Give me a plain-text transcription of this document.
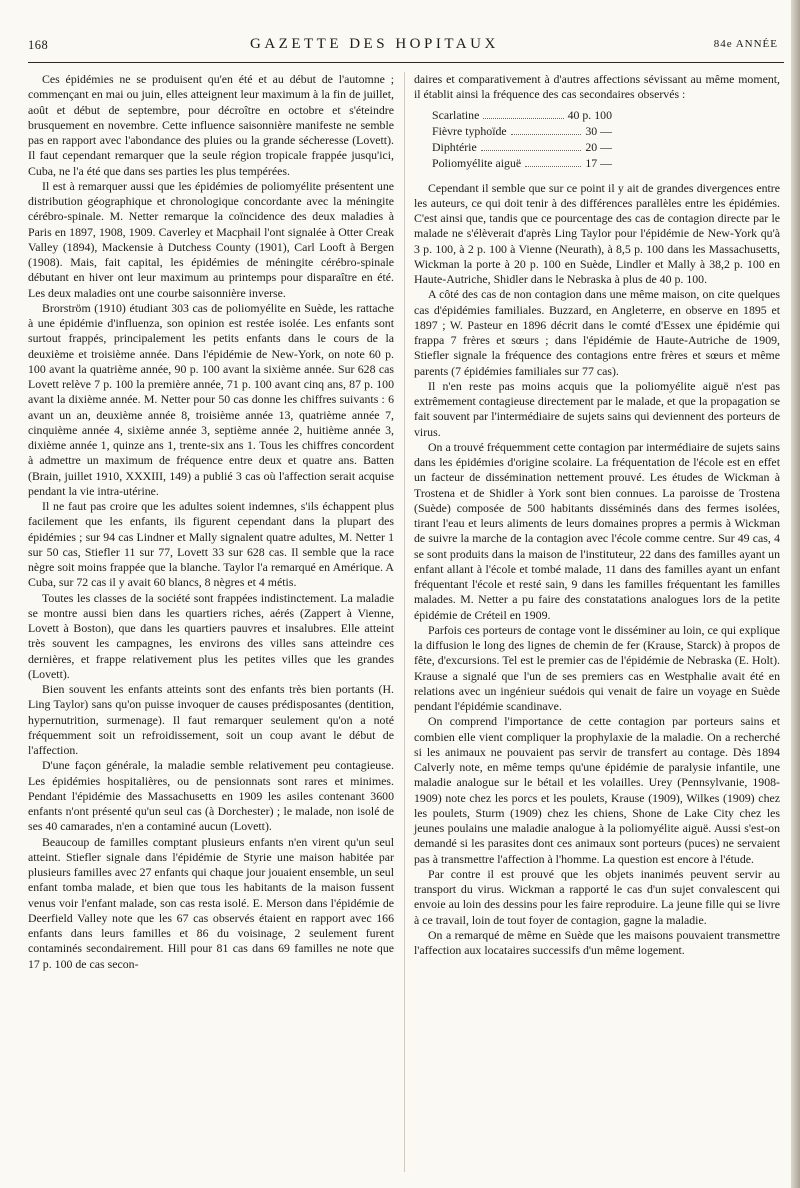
168	GAZETTE DES HOPITAUX	84e ANNÉE

Ces épidémies ne se produisent qu'en été et au début de l'automne ; commençant en mai ou juin, elles atteignent leur maximum à la fin de juillet, août et début de septembre, pour décroître en octobre et s'éteindre brusquement en novembre. Cette influence saisonnière manifeste ne semble pas en rapport avec l'abondance des pluies ou la grande sécheresse (Lovett). Il faut cependant remarquer que la seule région tropicale frappée jusqu'ici, Cuba, ne l'a été que dans ses parties les plus tempérées.

Il est à remarquer aussi que les épidémies de poliomyélite présentent une distribution géographique et chronologique concordante avec la méningite cérébro-spinale. M. Netter remarque la coïncidence des deux maladies à Paris en 1897, 1908, 1909. Caverley et Macphail l'ont signalée à Otter Creak Valley (1894), Mackensie à Dutchess County (1901), Carl Looft à Bergen (1908). Mais, fait capital, les épidémies de méningite cérébro-spinale débutant en hiver ont leur maximum au printemps pour disparaître en été. Les deux maladies ont une courbe saisonnière inverse.

Brorström (1910) étudiant 303 cas de poliomyélite en Suède, les rattache à une épidémie d'influenza, son opinion est restée isolée. Les enfants sont surtout frappés, principalement les petits enfants dans le cours de la deuxième et troisième année. Dans l'épidémie de New-York, on note 60 p. 100 avant la quatrième année, 90 p. 100 avant la sixième année. Sur 628 cas Lovett relève 7 p. 100 la première année, 71 p. 100 avant cinq ans, 87 p. 100 avant la dixième année. M. Netter pour 50 cas donne les chiffres suivants : 6 avant un an, deuxième année 8, troisième année 13, quatrième année 7, cinquième année 4, sixième année 3, septième année 2, huitième année 3, dixième année 1, quinze ans 1, trente-six ans 1. Tous les chiffres concordent à admettre un maximum de fréquence entre deux et quatre ans. Batten (Brain, juillet 1910, XXXIII, 149) a publié 3 cas où l'affection serait acquise pendant la vie intra-utérine.

Il ne faut pas croire que les adultes soient indemnes, s'ils échappent plus facilement que les enfants, ils figurent cependant dans la plupart des épidémies ; sur 94 cas Lindner et Mally signalent quatre adultes, M. Netter 1 sur 50 cas, Stiefler 11 sur 77, Lovett 33 sur 628 cas. Il semble que la race nègre soit moins frappée que la blanche. Taylor l'a remarqué en Amérique. A Cuba, sur 72 cas il y avait 60 blancs, 8 nègres et 4 métis.

Toutes les classes de la société sont frappées indistinctement. La maladie se montre aussi bien dans les quartiers riches, aérés (Zappert à Vienne, Lovett à Boston), que dans les quartiers pauvres et insalubres. Elle atteint très souvent les campagnes, les environs des villes sans atteindre ces dernières, et frappe relativement plus les petites villes que les grandes (Lovett).

Bien souvent les enfants atteints sont des enfants très bien portants (H. Ling Taylor) sans qu'on puisse invoquer de causes prédisposantes (dentition, hypernutrition, surmenage). Il faut remarquer seulement qu'on a noté fréquemment soit un refroidissement, soit un coup avant le début de l'affection.

D'une façon générale, la maladie semble relativement peu contagieuse. Les épidémies hospitalières, ou de pensionnats sont rares et minimes. Pendant l'épidémie des Massachusetts en 1909 les asiles contenant 3600 enfants n'ont présenté qu'un seul cas (à Dorchester) ; le malade, non isolé de ses 40 camarades, n'en a contaminé aucun (Lovett).

Beaucoup de familles comptant plusieurs enfants n'en virent qu'un seul atteint. Stiefler signale dans l'épidémie de Styrie une maison habitée par plusieurs familles avec 27 enfants qui chaque jour jouaient ensemble, un seul enfant tomba malade, et bien que tous les habitants de la maison fussent venus voir l'enfant malade, son cas resta isolé. E. Merson dans l'épidémie de Deerfield Valley note que les 67 cas observés étaient en rapport avec 166 enfants dans leurs familles et 86 du voisinage, 2 seulement furent contaminés secondairement. Hill pour 81 cas dans 69 familles ne note que 17 p. 100 de cas secon-

daires et comparativement à d'autres affections sévissant au même moment, il établit ainsi la fréquence des cas secondaires observés :

Scarlatine	40 p. 100
Fièvre typhoïde	30 —
Diphtérie	20 —
Poliomyélite aiguë	17 —

Cependant il semble que sur ce point il y ait de grandes divergences entre les auteurs, ce qui doit tenir à des différences parallèles entre les épidémies. C'est ainsi que, tandis que ce pourcentage des cas de contagion directe par le malade ne s'élèverait d'après Ling Taylor pour l'épidémie de New-York qu'à 3 p. 100, à 2 p. 100 à Vienne (Neurath), à 8,5 p. 100 dans les Massachusetts, Wickman la porte à 20 p. 100 en Suède, Lindler et Mally à 38,2 p. 100 en Haute-Autriche, Shidler dans le Nebraska à plus de 40 p. 100.

A côté des cas de non contagion dans une même maison, on cite quelques cas d'épidémies familiales. Buzzard, en Angleterre, en observe en 1895 et 1897 ; W. Pasteur en 1896 décrit dans le comté d'Essex une épidémie qui frappa 7 frères et sœurs ; dans l'épidémie de Haute-Autriche de 1909, Stiefler signale la fréquence des contagions entre frères et sœurs et même parents (7 épidémies familiales sur 77 cas).

Il n'en reste pas moins acquis que la poliomyélite aiguë n'est pas extrêmement contagieuse directement par le malade, et que la propagation se fait souvent par l'intermédiaire de sujets sains qui deviennent des porteurs de virus.

On a trouvé fréquemment cette contagion par intermédiaire de sujets sains dans les épidémies d'origine scolaire. La fréquentation de l'école est en effet un facteur de dissémination nettement prouvé. Les études de Wickman à Trostena et de Shidler à York sont bien connues. La paroisse de Trostena (Suède) composée de 500 habitants disséminés dans des fermes isolées, tirant l'eau et leurs aliments de leurs domaines propres a permis à Wickman de suivre la marche de la contagion avec l'école comme centre. Sur 49 cas, 4 se sont produits dans la maison de l'instituteur, 22 dans des familles ayant un enfant allant à l'école et tombé malade, 11 dans des familles ayant un enfant fréquentant l'école et resté sain, 9 dans les familles fréquentant les familles malades. M. Netter a pu faire des constatations analogues lors de la petite épidémie de Créteil en 1909.

Parfois ces porteurs de contage vont le disséminer au loin, ce qui explique la diffusion le long des lignes de chemin de fer (Krause, Starck) à propos de fête, d'excursions. Tel est le premier cas de l'épidémie de Nebraska (E. Holt). Krause a signalé que l'un de ses premiers cas en Westphalie avait été en relations avec un ingénieur suédois qui venait de faire un voyage en Suède pendant l'épidémie scandinave.

On comprend l'importance de cette contagion par porteurs sains et combien elle vient compliquer la prophylaxie de la maladie. On a recherché si les animaux ne pouvaient pas servir de transfert au contage. Dès 1894 Calverly note, en même temps qu'une épidémie de paralysie infantile, une maladie analogue sur le bétail et les volailles. Urey (Pennsylvanie, 1908-1909) note chez les porcs et les poulets, Krause (1909), Wilkes (1909) chez les poulets, Sturm (1909) chez les chiens, Shone de Lake City chez les jeunes poulains une maladie analogue à la poliomyélite aiguë. Aussi s'est-on demandé si les parasites dont ces animaux sont porteurs (puces) ne servaient pas à transmettre l'affection à l'homme. La question est encore à l'étude.

Par contre il est prouvé que les objets inanimés peuvent servir au transport du virus. Wickman a rapporté le cas d'un sujet convalescent qui envoie au loin des dessins pour les faire reproduire. La jeune fille qui se livre à ce travail, loin de tout foyer de contagion, gagne la maladie.

On a remarqué de même en Suède que les maisons pouvaient transmettre l'affection aux locataires successifs d'un même logement.
